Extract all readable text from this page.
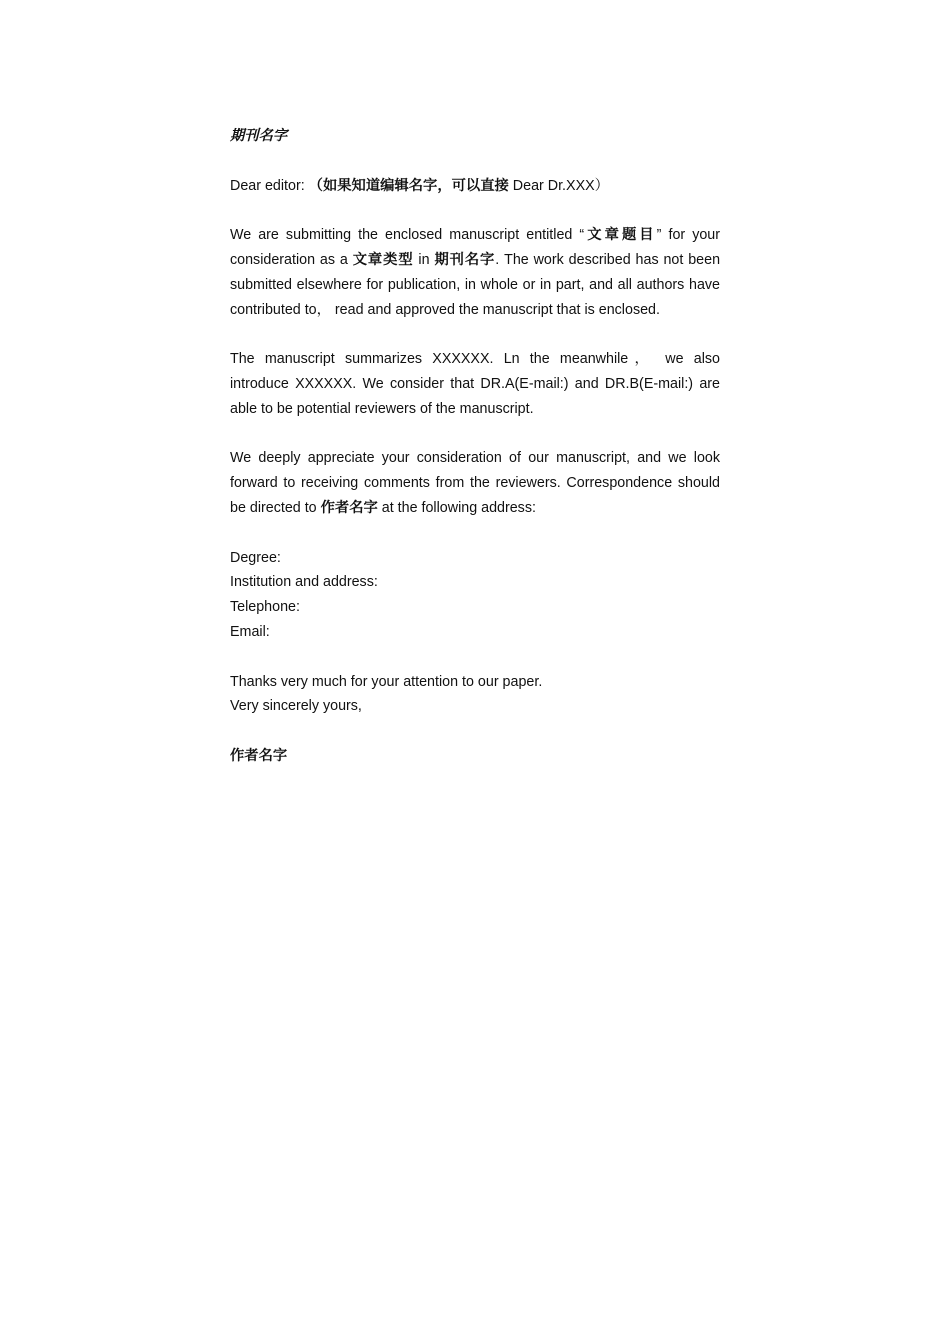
期刊名字

Dear editor: （如果知道编辑名字，可以直接 Dear Dr.XXX）

We are submitting the enclosed manuscript entitled “文章题目” for your consideration as a 文章类型 in 期刊名字. The work described has not been submitted elsewhere for publication, in whole or in part, and all authors have contributed to， read and approved the manuscript that is enclosed.

The manuscript summarizes XXXXXX. Ln the meanwhile， we also introduce XXXXXX. We consider that DR.A(E-mail:) and DR.B(E-mail:) are able to be potential reviewers of the manuscript.

We deeply appreciate your consideration of our manuscript, and we look forward to receiving comments from the reviewers. Correspondence should be directed to 作者名字 at the following address:

Degree:

Institution and address:

Telephone:

Email:

Thanks very much for your attention to our paper.

Very sincerely yours,

作者名字
